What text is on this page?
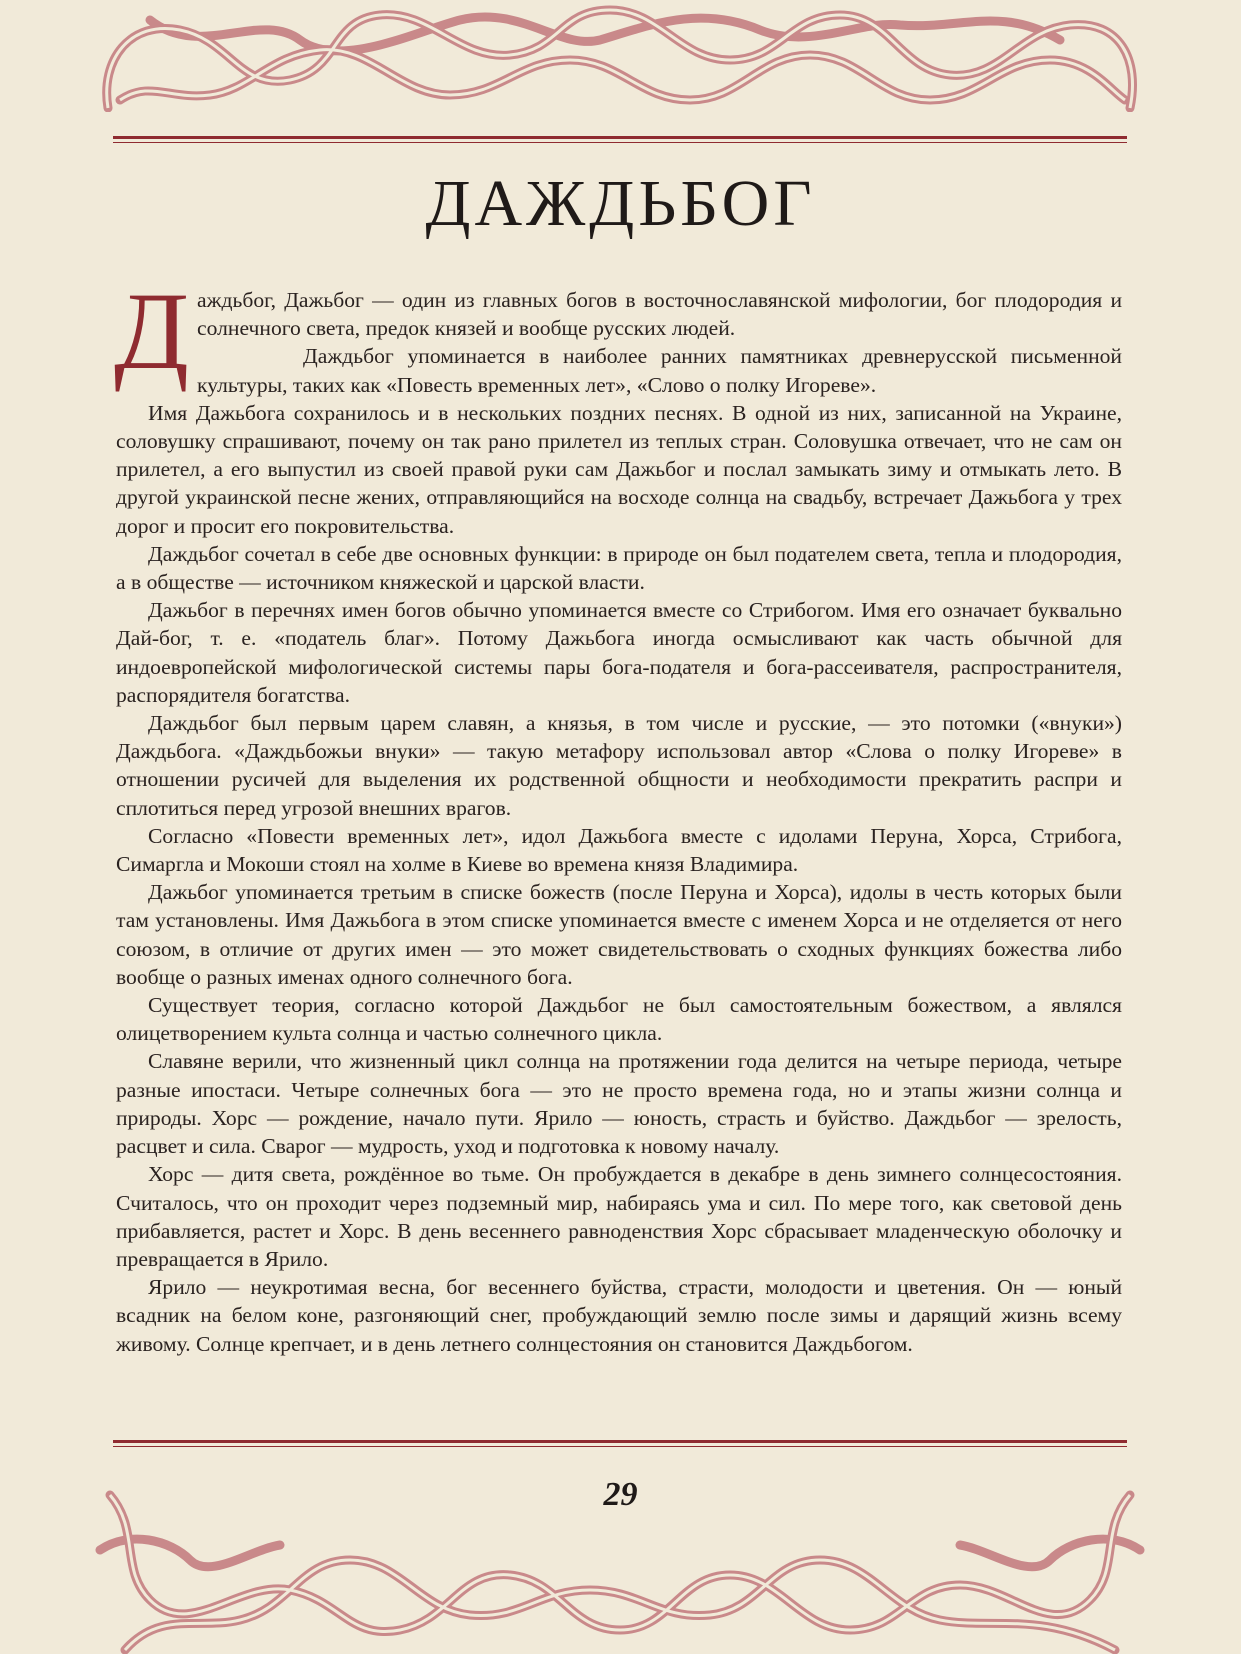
ДАЖДЬБОГ

Даждьбог, Дажьбог — один из главных богов в восточнославянской мифологии, бог плодородия и солнечного света, предок князей и вообще русских людей.

Даждьбог упоминается в наиболее ранних памятниках древнерусской письменной культуры, таких как «Повесть временных лет», «Слово о полку Игореве».

Имя Дажьбога сохранилось и в нескольких поздних песнях. В одной из них, записанной на Украине, соловушку спрашивают, почему он так рано прилетел из теплых стран. Соловушка отвечает, что не сам он прилетел, а его выпустил из своей правой руки сам Дажьбог и послал замыкать зиму и отмыкать лето. В другой украинской песне жених, отправляющийся на восходе солнца на свадьбу, встречает Дажьбога у трех дорог и просит его покровительства.

Даждьбог сочетал в себе две основных функции: в природе он был подателем света, тепла и плодородия, а в обществе — источником княжеской и царской власти.

Дажьбог в перечнях имен богов обычно упоминается вместе со Стрибогом. Имя его означает буквально Дай-бог, т. е. «податель благ». Потому Дажьбога иногда осмысливают как часть обычной для индоевропейской мифологической системы пары бога-подателя и бога-рассеивателя, распространителя, распорядителя богатства.

Даждьбог был первым царем славян, а князья, в том числе и русские, — это потомки («внуки») Даждьбога. «Даждьбожьи внуки» — такую метафору использовал автор «Слова о полку Игореве» в отношении русичей для выделения их родственной общности и необходимости прекратить распри и сплотиться перед угрозой внешних врагов.

Согласно «Повести временных лет», идол Дажьбога вместе с идолами Перуна, Хорса, Стрибога, Симаргла и Мокоши стоял на холме в Киеве во времена князя Владимира.

Дажьбог упоминается третьим в списке божеств (после Перуна и Хорса), идолы в честь которых были там установлены. Имя Дажьбога в этом списке упоминается вместе с именем Хорса и не отделяется от него союзом, в отличие от других имен — это может свидетельствовать о сходных функциях божества либо вообще о разных именах одного солнечного бога.

Существует теория, согласно которой Даждьбог не был самостоятельным божеством, а являлся олицетворением культа солнца и частью солнечного цикла.

Славяне верили, что жизненный цикл солнца на протяжении года делится на четыре периода, четыре разные ипостаси. Четыре солнечных бога — это не просто времена года, но и этапы жизни солнца и природы. Хорс — рождение, начало пути. Ярило — юность, страсть и буйство. Даждьбог — зрелость, расцвет и сила. Сварог — мудрость, уход и подготовка к новому началу.

Хорс — дитя света, рождённое во тьме. Он пробуждается в декабре в день зимнего солнцесостояния. Считалось, что он проходит через подземный мир, набираясь ума и сил. По мере того, как световой день прибавляется, растет и Хорс. В день весеннего равноденствия Хорс сбрасывает младенческую оболочку и превращается в Ярило.

Ярило — неукротимая весна, бог весеннего буйства, страсти, молодости и цветения. Он — юный всадник на белом коне, разгоняющий снег, пробуждающий землю после зимы и дарящий жизнь всему живому. Солнце крепчает, и в день летнего солнцестояния он становится Даждьбогом.

29
